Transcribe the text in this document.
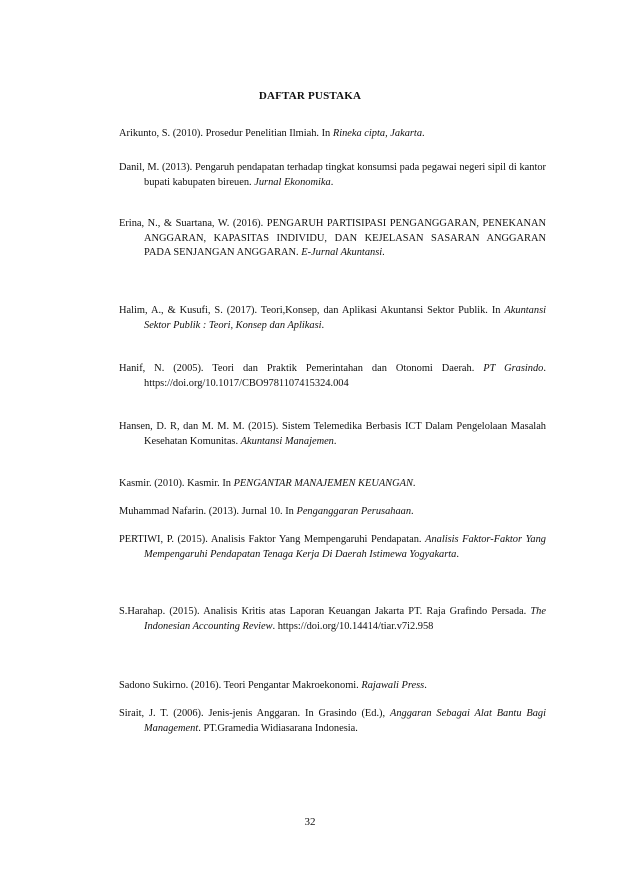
DAFTAR PUSTAKA
Arikunto, S. (2010). Prosedur Penelitian Ilmiah. In Rineka cipta, Jakarta.
Danil, M. (2013). Pengaruh pendapatan terhadap tingkat konsumsi pada pegawai negeri sipil di kantor bupati kabupaten bireuen. Jurnal Ekonomika.
Erina, N., & Suartana, W. (2016). PENGARUH PARTISIPASI PENGANGGARAN, PENEKANAN ANGGARAN, KAPASITAS INDIVIDU, DAN KEJELASAN SASARAN ANGGARAN PADA SENJANGAN ANGGARAN. E-Jurnal Akuntansi.
Halim, A., & Kusufi, S. (2017). Teori,Konsep, dan Aplikasi Akuntansi Sektor Publik. In Akuntansi Sektor Publik : Teori, Konsep dan Aplikasi.
Hanif, N. (2005). Teori dan Praktik Pemerintahan dan Otonomi Daerah. PT Grasindo. https://doi.org/10.1017/CBO9781107415324.004
Hansen, D. R, dan M. M. M. (2015). Sistem Telemedika Berbasis ICT Dalam Pengelolaan Masalah Kesehatan Komunitas. Akuntansi Manajemen.
Kasmir. (2010). Kasmir. In PENGANTAR MANAJEMEN KEUANGAN.
Muhammad Nafarin. (2013). Jurnal 10. In Penganggaran Perusahaan.
PERTIWI, P. (2015). Analisis Faktor Yang Mempengaruhi Pendapatan. Analisis Faktor-Faktor Yang Mempengaruhi Pendapatan Tenaga Kerja Di Daerah Istimewa Yogyakarta.
S.Harahap. (2015). Analisis Kritis atas Laporan Keuangan Jakarta PT. Raja Grafindo Persada. The Indonesian Accounting Review. https://doi.org/10.14414/tiar.v7i2.958
Sadono Sukirno. (2016). Teori Pengantar Makroekonomi. Rajawali Press.
Sirait, J. T. (2006). Jenis-jenis Anggaran. In Grasindo (Ed.), Anggaran Sebagai Alat Bantu Bagi Management. PT.Gramedia Widiasarana Indonesia.
32
